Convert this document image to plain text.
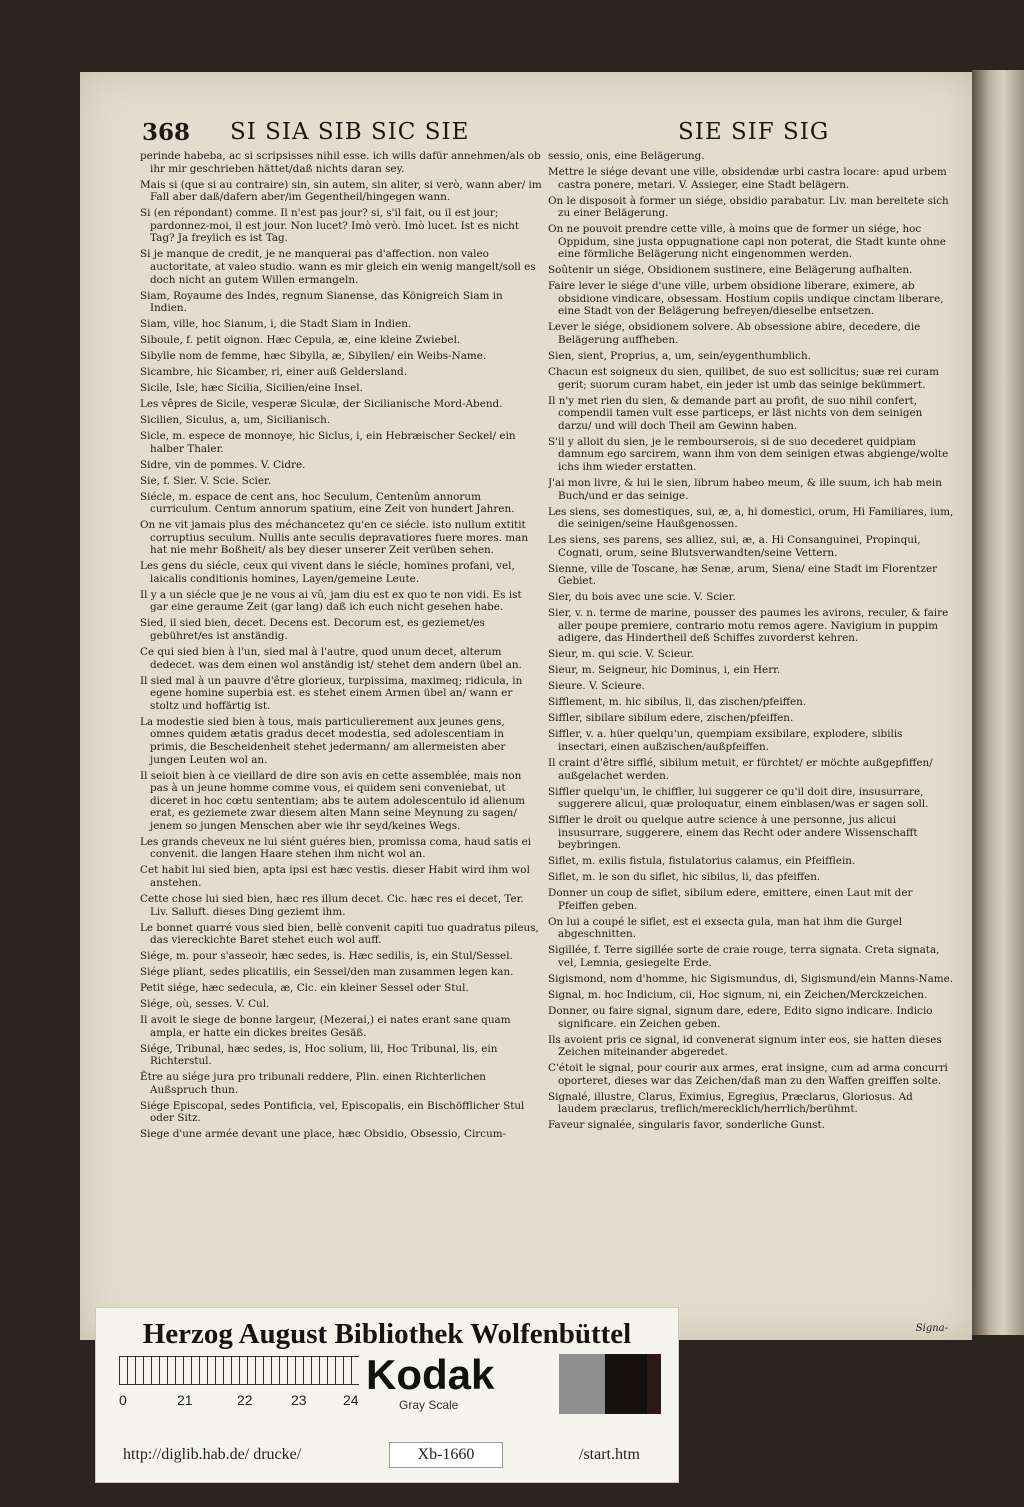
368 SI SIA SIB SIC SIE	SIE SIF SIG

perinde habeba, ac si scripsisses nihil esse. ich wills dafür annehmen/als ob ihr mir geschrieben hättet/daß nichts daran sey.

Mais si (que si au contraire) sin, sin autem, sin aliter, si verò, wann aber/ im Fall aber daß/dafern aber/im Gegentheil/hingegen wann.

Si (en répondant) comme. Il n'est pas jour? si, s'il fait, ou il est jour; pardonnez-moi, il est jour. Non lucet? Imò verò. Imò lucet. Ist es nicht Tag? Ja freylich es ist Tag.

Si je manque de credit, je ne manquerai pas d'affection. non valeo auctoritate, at valeo studio. wann es mir gleich ein wenig mangelt/soll es doch nicht an gutem Willen ermangeln.

Siam, Royaume des Indes, regnum Sianense, das Königreich Siam in Indien.

Siam, ville, hoc Sianum, i, die Stadt Siam in Indien.

Siboule, f. petit oignon. Hæc Cepula, æ, eine kleine Zwiebel.

Sibylle nom de femme, hæc Sibylla, æ, Sibyllen/ ein Weibs-Name.

Sicambre, hic Sicamber, ri, einer auß Geldersland.

Sicile, Isle, hæc Sicilia, Sicilien/eine Insel.

Les vêpres de Sicile, vesperæ Siculæ, der Sicilianische Mord-Abend.

Sicilien, Siculus, a, um, Sicilianisch.

Sicle, m. espece de monnoye, hic Siclus, i, ein Hebræischer Seckel/ ein halber Thaler.

Sidre, vin de pommes. V. Cidre.

Sie, f. Sier. V. Scie. Scier.

Siécle, m. espace de cent ans, hoc Seculum, Centenûm annorum curriculum. Centum annorum spatium, eine Zeit von hundert Jahren.

On ne vit jamais plus des méchancetez qu'en ce siécle. isto nullum extitit corruptius seculum. Nullis ante seculis depravatiores fuere mores. man hat nie mehr Boßheit/ als bey dieser unserer Zeit verüben sehen.

Les gens du siécle, ceux qui vivent dans le siécle, homines profani, vel, laicalis conditionis homines, Layen/gemeine Leute.

Il y a un siécle que je ne vous ai vû, jam diu est ex quo te non vidi. Es ist gar eine geraume Zeit (gar lang) daß ich euch nicht gesehen habe.

Sied, il sied bien, decet. Decens est. Decorum est, es geziemet/es gebühret/es ist anständig.

Ce qui sied bien à l'un, sied mal à l'autre, quod unum decet, alterum dedecet. was dem einen wol anständig ist/ stehet dem andern übel an.

Il sied mal à un pauvre d'être glorieux, turpissima, maximeq; ridicula, in egene homine superbia est. es stehet einem Armen übel an/ wann er stoltz und hoffärtig ist.

La modestie sied bien à tous, mais particulierement aux jeunes gens, omnes quidem ætatis gradus decet modestia, sed adolescentiam in primis, die Bescheidenheit stehet jedermann/ am allermeisten aber jungen Leuten wol an.

Il seioit bien à ce vieillard de dire son avis en cette assemblée, mais non pas à un jeune homme comme vous, ei quidem seni conveniebat, ut diceret in hoc cœtu sententiam; abs te autem adolescentulo id alienum erat, es geziemete zwar diesem alten Mann seine Meynung zu sagen/ jenem so jungen Menschen aber wie ihr seyd/keines Wegs.

Les grands cheveux ne lui siént guéres bien, promissa coma, haud satis ei convenit. die langen Haare stehen ihm nicht wol an.

Cet habit lui sied bien, apta ipsi est hæc vestis. dieser Habit wird ihm wol anstehen.

Cette chose lui sied bien, hæc res illum decet. Cic. hæc res ei decet, Ter. Liv. Salluft. dieses Ding geziemt ihm.

Le bonnet quarré vous sied bien, bellè convenit capiti tuo quadratus pileus, das viereckichte Baret stehet euch wol auff.

Siége, m. pour s'asseoir, hæc sedes, is. Hæc sedilis, is, ein Stul/Sessel.

Siége pliant, sedes plicatilis, ein Sessel/den man zusammen legen kan.

Petit siége, hæc sedecula, æ, Cic. ein kleiner Sessel oder Stul.

Siége, où, sesses. V. Cul.

Il avoit le siege de bonne largeur, (Mezerai,) ei nates erant sane quam ampla, er hatte ein dickes breites Gesäß.

Siége, Tribunal, hæc sedes, is, Hoc solium, lii, Hoc Tribunal, lis, ein Richterstul.

Être au siége jura pro tribunali reddere, Plin. einen Richterlichen Außspruch thun.

Siége Episcopal, sedes Pontificia, vel, Episcopalis, ein Bischöfflicher Stul oder Sitz.

Siege d'une armée devant une place, hæc Obsidio, Obsessio, Circum-

sessio, onis, eine Belägerung.

Mettre le siége devant une ville, obsidendæ urbi castra locare: apud urbem castra ponere, metari. V. Assieger, eine Stadt belägern.

On le disposoit à former un siége, obsidio parabatur. Liv. man bereitete sich zu einer Belägerung.

On ne pouvoit prendre cette ville, à moins que de former un siége, hoc Oppidum, sine justa oppugnatione capi non poterat, die Stadt kunte ohne eine förmliche Belägerung nicht eingenommen werden.

Soûtenir un siége, Obsidionem sustinere, eine Belägerung aufhalten.

Faire lever le siége d'une ville, urbem obsidione liberare, eximere, ab obsidione vindicare, obsessam. Hostium copiis undique cinctam liberare, eine Stadt von der Belägerung befreyen/dieselbe entsetzen.

Lever le siége, obsidionem solvere. Ab obsessione abire, decedere, die Belägerung auffheben.

Sien, sient, Proprius, a, um, sein/eygenthumblich.

Chacun est soigneux du sien, quilibet, de suo est sollicitus; suæ rei curam gerit; suorum curam habet, ein jeder ist umb das seinige bekümmert.

Il n'y met rien du sien, & demande part au profit, de suo nihil confert, compendii tamen vult esse particeps, er läst nichts von dem seinigen darzu/ und will doch Theil am Gewinn haben.

S'il y alloit du sien, je le rembourserois, si de suo decederet quidpiam damnum ego sarcirem, wann ihm von dem seinigen etwas abgienge/wolte ichs ihm wieder erstatten.

J'ai mon livre, & lui le sien, librum habeo meum, & ille suum, ich hab mein Buch/und er das seinige.

Les siens, ses domestiques, sui, æ, a, hi domestici, orum, Hi Familiares, ium, die seinigen/seine Haußgenossen.

Les siens, ses parens, ses alliez, sui, æ, a. Hi Consanguinei, Propinqui, Cognati, orum, seine Blutsverwandten/seine Vettern.

Sienne, ville de Toscane, hæ Senæ, arum, Siena/ eine Stadt im Florentzer Gebiet.

Sier, du bois avec une scie. V. Scier.

Sier, v. n. terme de marine, pousser des paumes les avirons, reculer, & faire aller poupe premiere, contrario motu remos agere. Navigium in puppim adigere, das Hindertheil deß Schiffes zuvorderst kehren.

Sieur, m. qui scie. V. Scieur.

Sieur, m. Seigneur, hic Dominus, i, ein Herr.

Sieure. V. Scieure.

Sifflement, m. hic sibilus, li, das zischen/pfeiffen.

Siffler, sibilare sibilum edere, zischen/pfeiffen.

Siffler, v. a. hüer quelqu'un, quempiam exsibilare, explodere, sibilis insectari, einen außzischen/außpfeiffen.

Il craint d'être sifflé, sibilum metuit, er fürchtet/ er möchte außgepfiffen/ außgelachet werden.

Siffler quelqu'un, le chiffler, lui suggerer ce qu'il doit dire, insusurrare, suggerere alicui, quæ proloquatur, einem einblasen/was er sagen soll.

Siffler le droit ou quelque autre science à une personne, jus alicui insusurrare, suggerere, einem das Recht oder andere Wissenschafft beybringen.

Siflet, m. exilis fistula, fistulatorius calamus, ein Pfeifflein.

Siflet, m. le son du siflet, hic sibilus, li, das pfeiffen.

Donner un coup de siflet, sibilum edere, emittere, einen Laut mit der Pfeiffen geben.

On lui a coupé le siflet, est ei exsecta gula, man hat ihm die Gurgel abgeschnitten.

Sigillée, f. Terre sigillée sorte de craie rouge, terra signata. Creta signata, vel, Lemnia, gesiegelte Erde.

Sigismond, nom d'homme, hic Sigismundus, di, Sigismund/ein Manns-Name.

Signal, m. hoc Indicium, cii, Hoc signum, ni, ein Zeichen/Merckzeichen.

Donner, ou faire signal, signum dare, edere, Edito signo indicare. Indicio significare. ein Zeichen geben.

Ils avoient pris ce signal, id convenerat signum inter eos, sie hatten dieses Zeichen miteinander abgeredet.

C'étoit le signal, pour courir aux armes, erat insigne, cum ad arma concurri oporteret, dieses war das Zeichen/daß man zu den Waffen greiffen solte.

Signalé, illustre, Clarus, Eximius, Egregius, Præclarus, Gloriosus. Ad laudem præclarus, treflich/merecklich/herrlich/berühmt.

Faveur signalée, singularis favor, sonderliche Gunst.

Signa-
Herzog August Bibliothek Wolfenbüttel
0	21	22	23	24
Kodak
Gray Scale
http://diglib.hab.de/ drucke/	Xb-1660	/start.htm
